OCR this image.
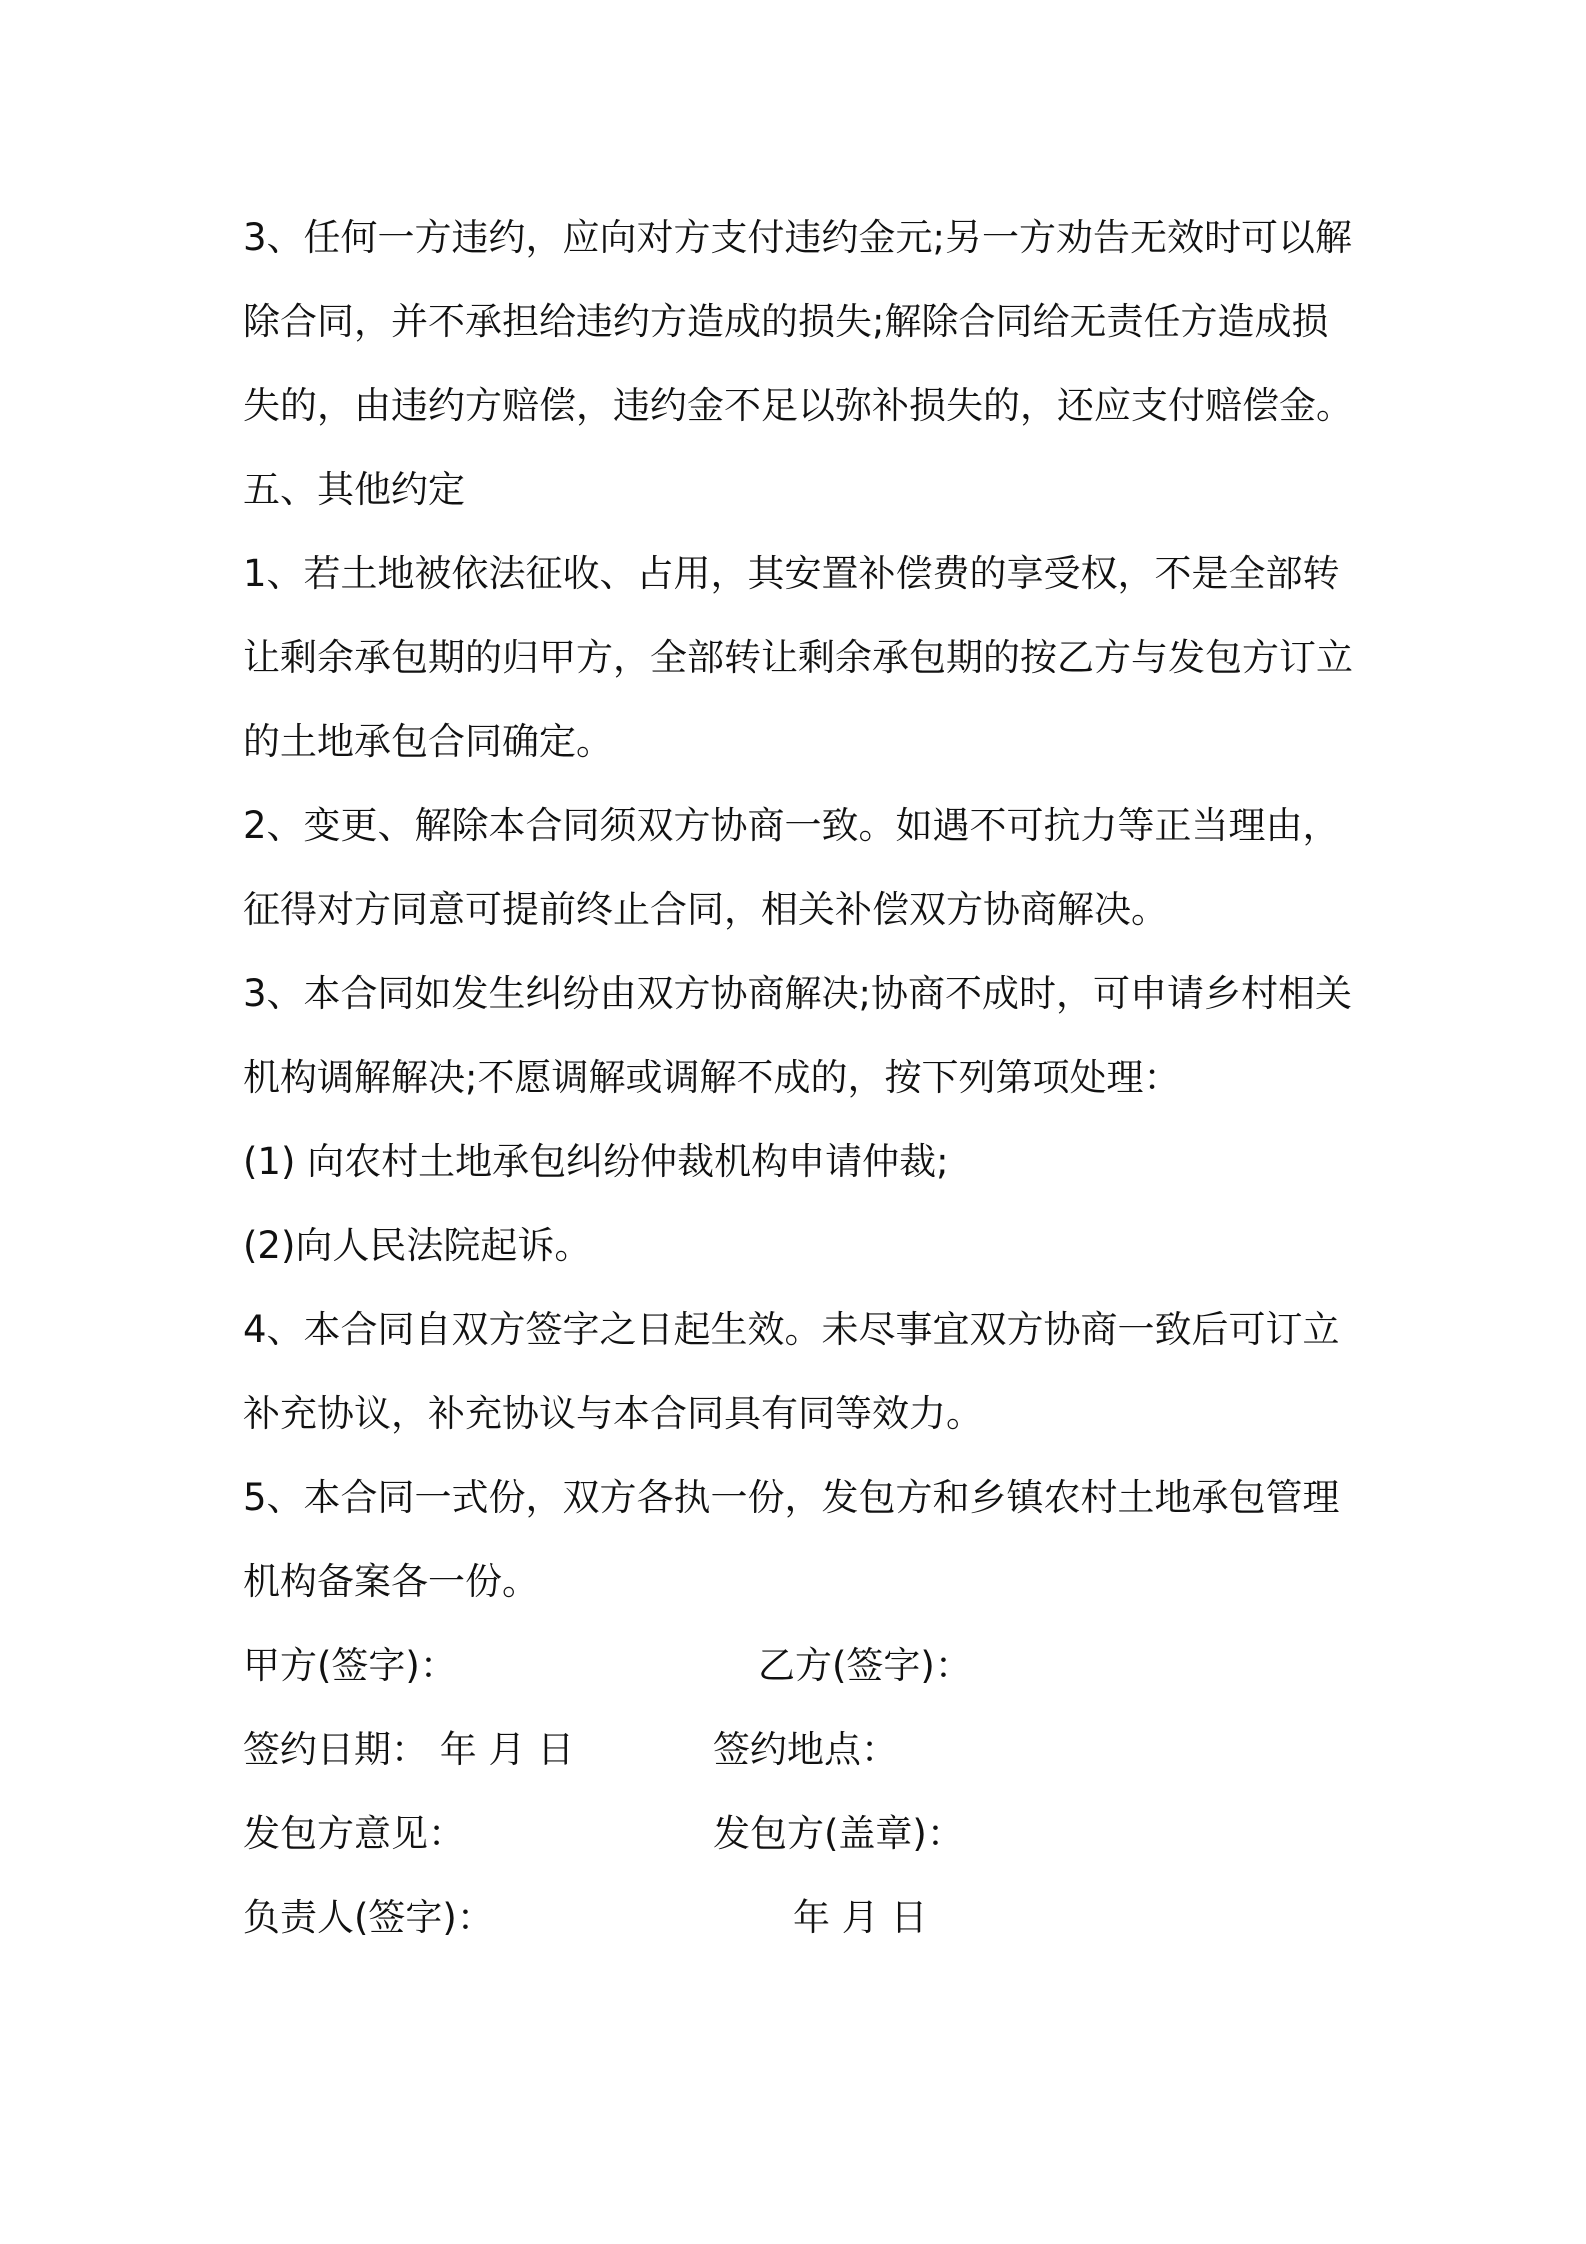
3、任何一方违约，应向对方支付违约金元;另一方劝告无效时可以解
除合同，并不承担给违约方造成的损失;解除合同给无责任方造成损
失的，由违约方赔偿，违约金不足以弥补损失的，还应支付赔偿金。
五、其他约定
1、若土地被依法征收、占用，其安置补偿费的享受权，不是全部转
让剩余承包期的归甲方，全部转让剩余承包期的按乙方与发包方订立
的土地承包合同确定。
2、变更、解除本合同须双方协商一致。如遇不可抗力等正当理由，
征得对方同意可提前终止合同，相关补偿双方协商解决。
3、本合同如发生纠纷由双方协商解决;协商不成时，可申请乡村相关
机构调解解决;不愿调解或调解不成的，按下列第项处理：
(1) 向农村土地承包纠纷仲裁机构申请仲裁;
(2)向人民法院起诉。
4、本合同自双方签字之日起生效。未尽事宜双方协商一致后可订立
补充协议，补充协议与本合同具有同等效力。
5、本合同一式份，双方各执一份，发包方和乡镇农村土地承包管理
机构备案各一份。
甲方(签字)：	乙方(签字)：
签约日期： 年 月 日	签约地点：
发包方意见：	发包方(盖章)：
负责人(签字)：	年 月 日
